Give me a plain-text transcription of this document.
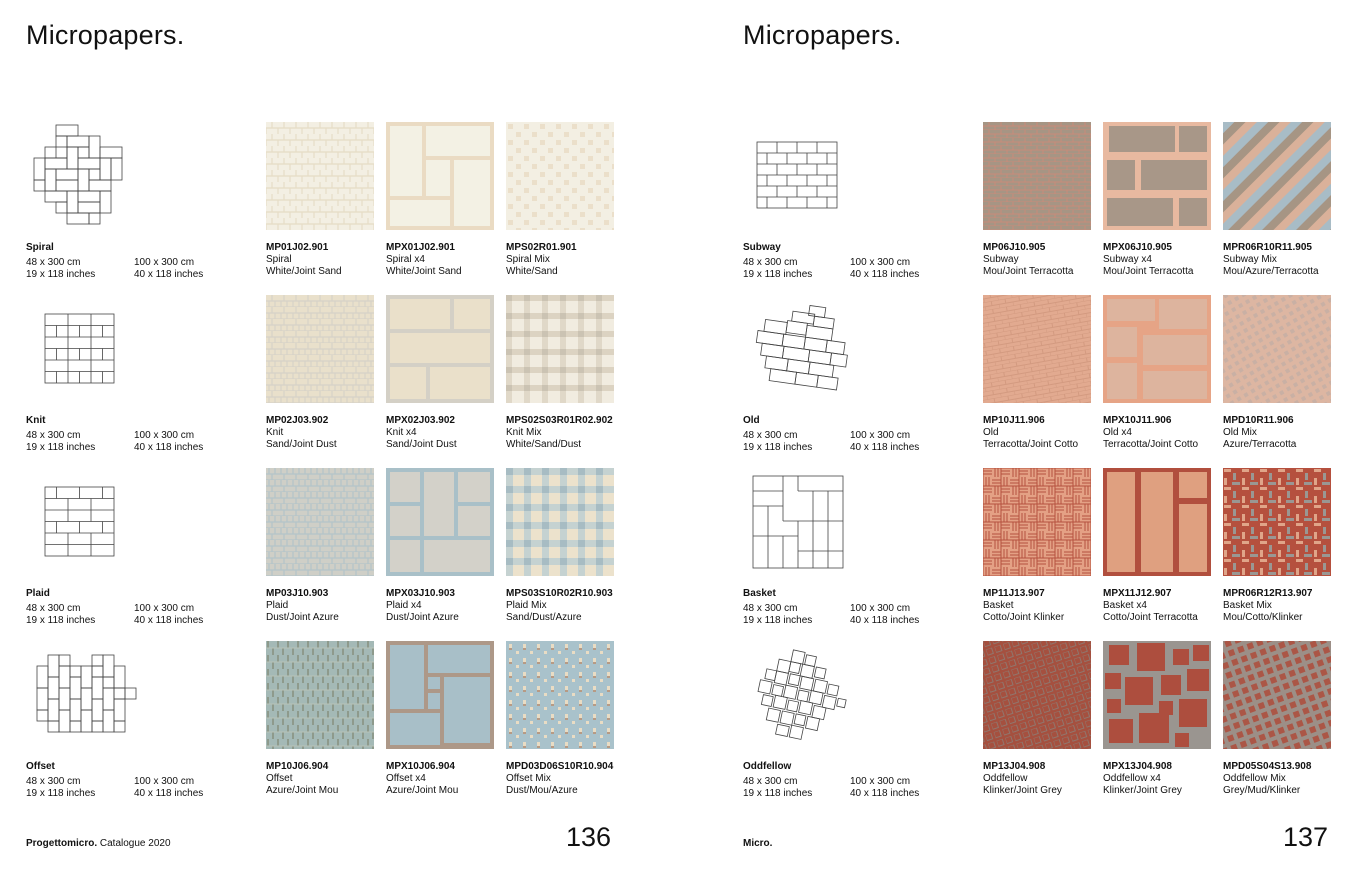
Micropapers.
Spiral
48 x 300 cm
19 x 118 inches
100 x 300 cm
40 x 118 inches
MP01J02.901
Spiral
White/Joint Sand
MPX01J02.901
Spiral x4
White/Joint Sand
MPS02R01.901
Spiral Mix
White/Sand
Knit
48 x 300 cm
19 x 118 inches
100 x 300 cm
40 x 118 inches
MP02J03.902
Knit
Sand/Joint Dust
MPX02J03.902
Knit x4
Sand/Joint Dust
MPS02S03R01R02.902
Knit Mix
White/Sand/Dust
Plaid
48 x 300 cm
19 x 118 inches
100 x 300 cm
40 x 118 inches
MP03J10.903
Plaid
Dust/Joint Azure
MPX03J10.903
Plaid x4
Dust/Joint Azure
MPS03S10R02R10.903
Plaid Mix
Sand/Dust/Azure
Offset
48 x 300 cm
19 x 118 inches
100 x 300 cm
40 x 118 inches
MP10J06.904
Offset
Azure/Joint Mou
MPX10J06.904
Offset x4
Azure/Joint Mou
MPD03D06S10R10.904
Offset Mix
Dust/Mou/Azure
Progettomicro. Catalogue 2020	136
Micropapers.
Subway
48 x 300 cm
19 x 118 inches
100 x 300 cm
40 x 118 inches
MP06J10.905
Subway
Mou/Joint Terracotta
MPX06J10.905
Subway x4
Mou/Joint Terracotta
MPR06R10R11.905
Subway Mix
Mou/Azure/Terracotta
Old
48 x 300 cm
19 x 118 inches
100 x 300 cm
40 x 118 inches
MP10J11.906
Old
Terracotta/Joint Cotto
MPX10J11.906
Old x4
Terracotta/Joint Cotto
MPD10R11.906
Old Mix
Azure/Terracotta
Basket
48 x 300 cm
19 x 118 inches
100 x 300 cm
40 x 118 inches
MP11J13.907
Basket
Cotto/Joint Klinker
MPX11J12.907
Basket x4
Cotto/Joint Terracotta
MPR06R12R13.907
Basket Mix
Mou/Cotto/Klinker
Oddfellow
48 x 300 cm
19 x 118 inches
100 x 300 cm
40 x 118 inches
MP13J04.908
Oddfellow
Klinker/Joint Grey
MPX13J04.908
Oddfellow x4
Klinker/Joint Grey
MPD05S04S13.908
Oddfellow Mix
Grey/Mud/Klinker
Micro.	137
